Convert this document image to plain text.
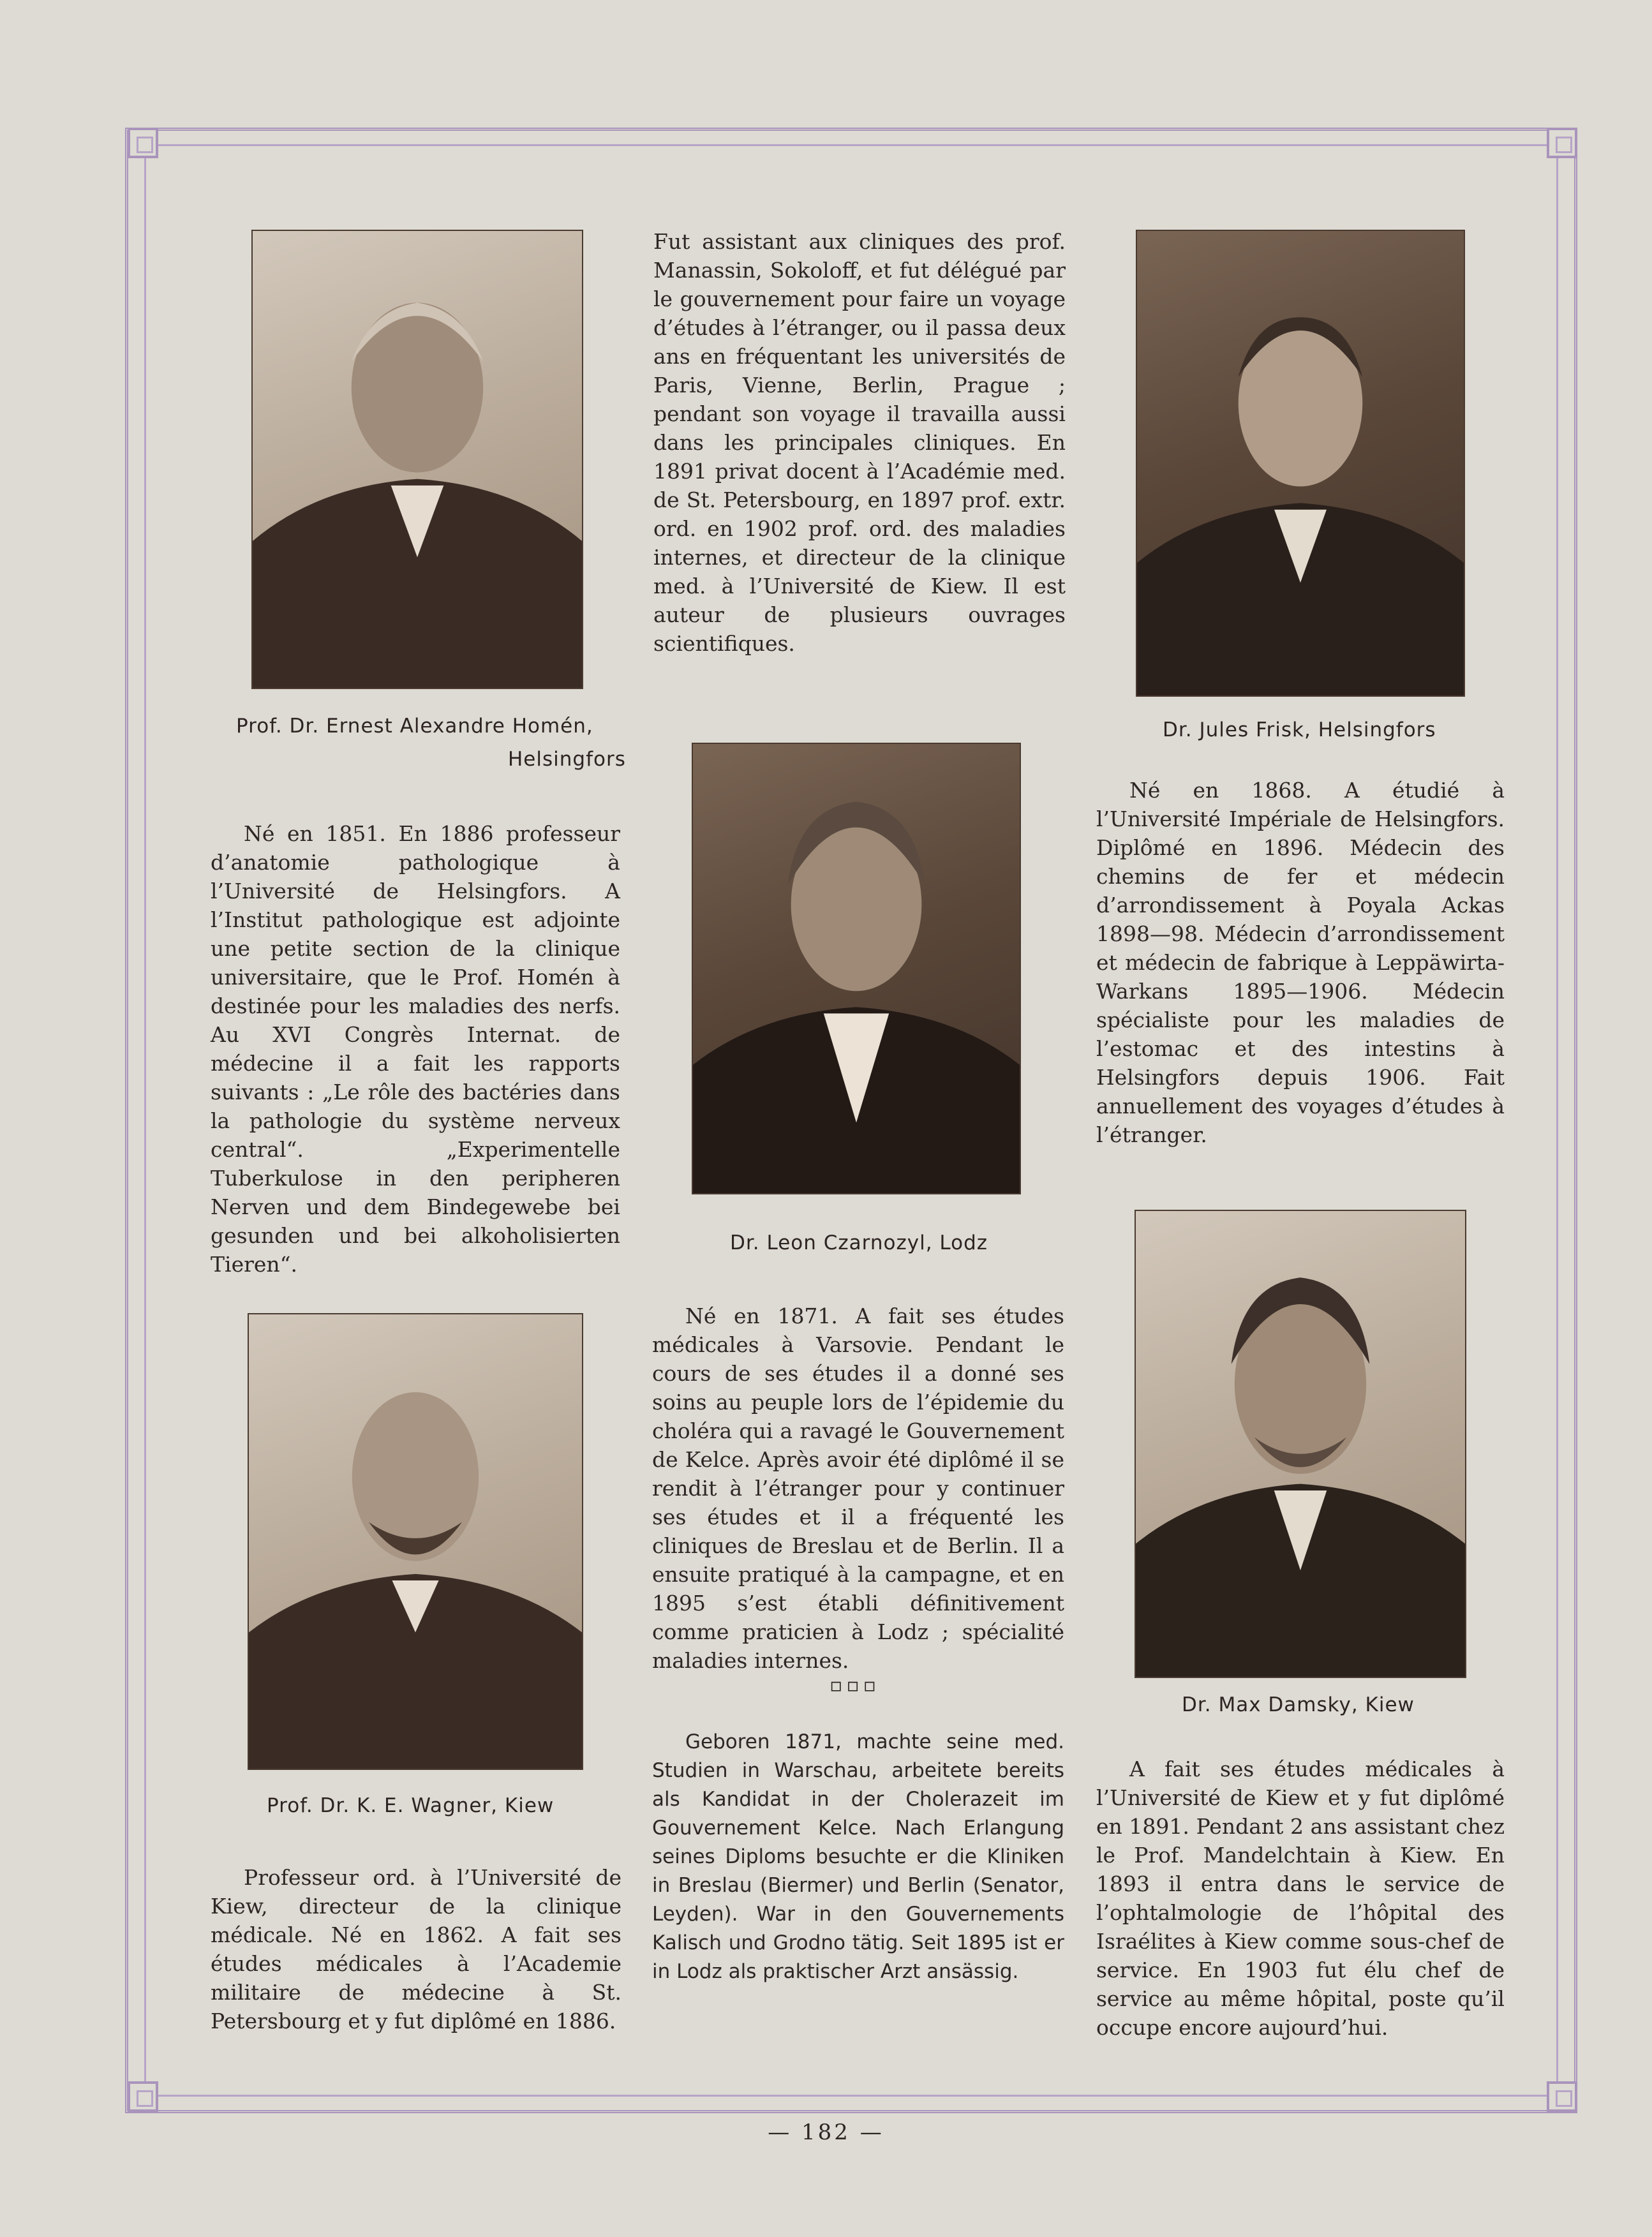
Prof. Dr. Ernest Alexandre Homén,
Helsingfors

Né en 1851. En 1886 professeur d’anatomie pathologique à l’Université de Helsingfors. A l’Institut pathologique est adjointe une petite section de la clinique universitaire, que le Prof. Homén à destinée pour les maladies des nerfs. Au XVI Congrès Internat. de médecine il a fait les rapports suivants : „Le rôle des bactéries dans la pathologie du système nerveux central“. „Experimentelle Tuberkulose in den peripheren Nerven und dem Bindegewebe bei gesunden und bei alkoholisierten Tieren“.

Fut assistant aux cliniques des prof. Manassin, Sokoloff, et fut délégué par le gouvernement pour faire un voyage d’études à l’étranger, ou il passa deux ans en fréquentant les universités de Paris, Vienne, Berlin, Prague ; pendant son voyage il travailla aussi dans les principales cliniques. En 1891 privat docent à l’Académie med. de St. Petersbourg, en 1897 prof. extr. ord. en 1902 prof. ord. des maladies internes, et directeur de la clinique med. à l’Université de Kiew. Il est auteur de plusieurs ouvrages scientifiques.

Dr. Jules Frisk, Helsingfors

Né en 1868. A étudié à l’Université Impériale de Helsingfors. Diplômé en 1896. Médecin des chemins de fer et médecin d’arrondissement à Poyala Ackas 1898—98. Médecin d’arrondissement et médecin de fabrique à Leppäwirta-Warkans 1895—1906. Médecin spécialiste pour les maladies de l’estomac et des intestins à Helsingfors depuis 1906. Fait annuellement des voyages d’études à l’étranger.

Dr. Leon Czarnozyl, Lodz

Né en 1871. A fait ses études médicales à Varsovie. Pendant le cours de ses études il a donné ses soins au peuple lors de l’épidemie du choléra qui a ravagé le Gouvernement de Kelce. Après avoir été diplômé il se rendit à l’étranger pour y continuer ses études et il a fréquenté les cliniques de Breslau et de Berlin. Il a ensuite pratiqué à la campagne, et en 1895 s’est établi définitivement comme praticien à Lodz ; spécialité maladies internes.

▫▫▫

Geboren 1871, machte seine med. Studien in Warschau, arbeitete bereits als Kandidat in der Cholerazeit im Gouvernement Kelce. Nach Erlangung seines Diploms besuchte er die Kliniken in Breslau (Biermer) und Berlin (Senator, Leyden). War in den Gouvernements Kalisch und Grodno tätig. Seit 1895 ist er in Lodz als praktischer Arzt ansässig.

Prof. Dr. K. E. Wagner, Kiew

Professeur ord. à l’Université de Kiew, directeur de la clinique médicale. Né en 1862. A fait ses études médicales à l’Academie militaire de médecine à St. Petersbourg et y fut diplômé en 1886.

Dr. Max Damsky, Kiew

A fait ses études médicales à l’Université de Kiew et y fut diplômé en 1891. Pendant 2 ans assistant chez le Prof. Mandelchtain à Kiew. En 1893 il entra dans le service de l’ophtalmologie de l’hôpital des Israélites à Kiew comme sous-chef de service. En 1903 fut élu chef de service au même hôpital, poste qu’il occupe encore aujourd’hui.

— 182 —
